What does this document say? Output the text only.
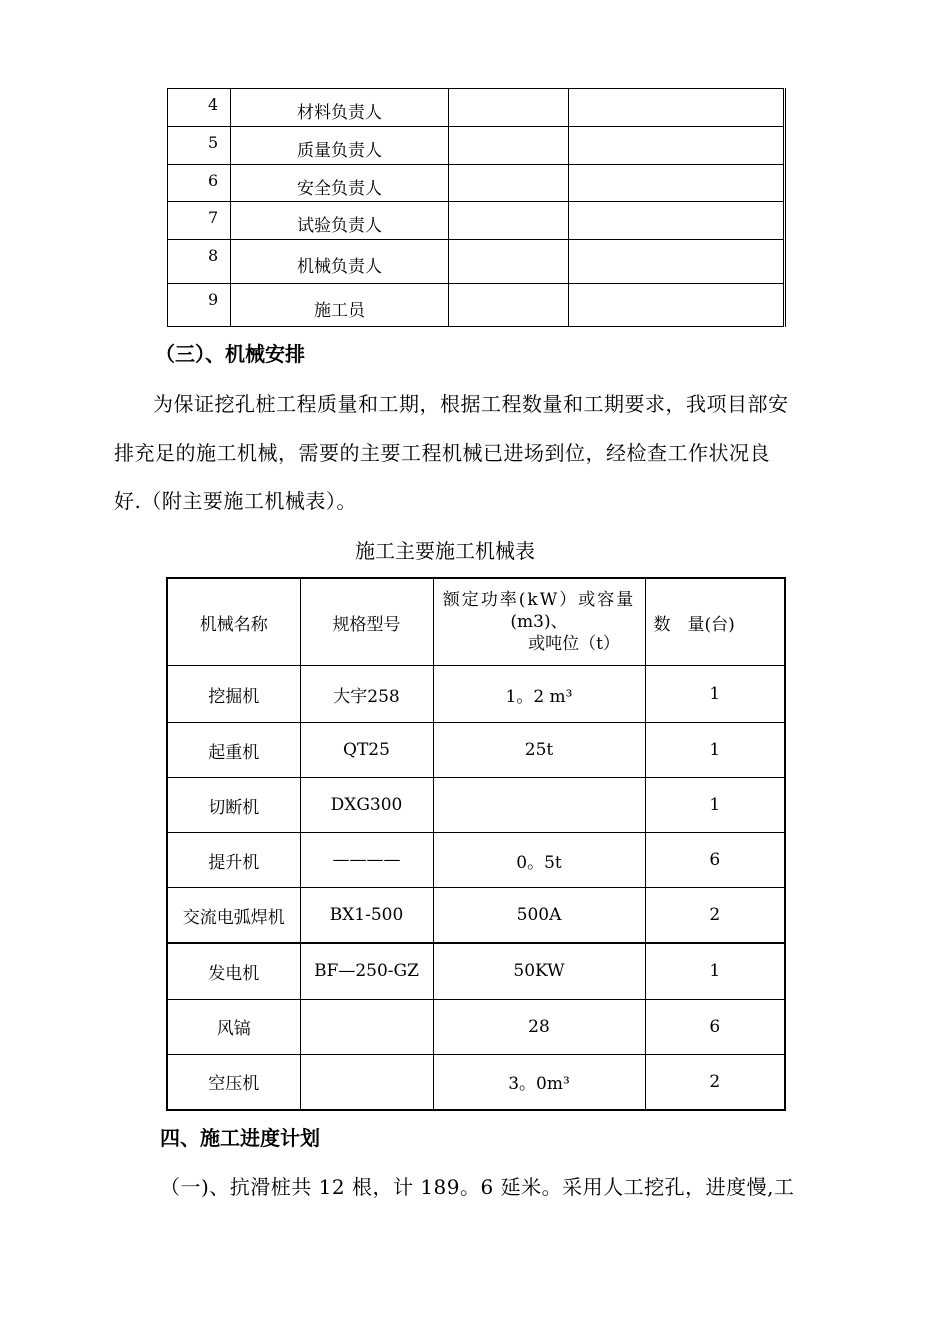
4	材料负责人		
5	质量负责人		
6	安全负责人		
7	试验负责人		
8	机械负责人		
9	施工员		
（三）、机械安排
为保证挖孔桩工程质量和工期，根据工程数量和工期要求，我项目部安
排充足的施工机械，需要的主要工程机械已进场到位，经检查工作状况良
好.（附主要施工机械表）。
施工主要施工机械表
机械名称	规格型号	额定功率(kW）或容量
(m3)、
或吨位（t）	数　量(台)
挖掘机	大宇258	1。2 m³	1
起重机	QT25	25t	1
切断机	DXG300		1
提升机	————	0。5t	6
交流电弧焊机	BX1-500	500A	2
发电机	BF—250-GZ	50KW	1
风镐		28	6
空压机		3。0m³	2
四、施工进度计划
（一)、抗滑桩共 12 根，计 189。6 延米。采用人工挖孔，进度慢,工
